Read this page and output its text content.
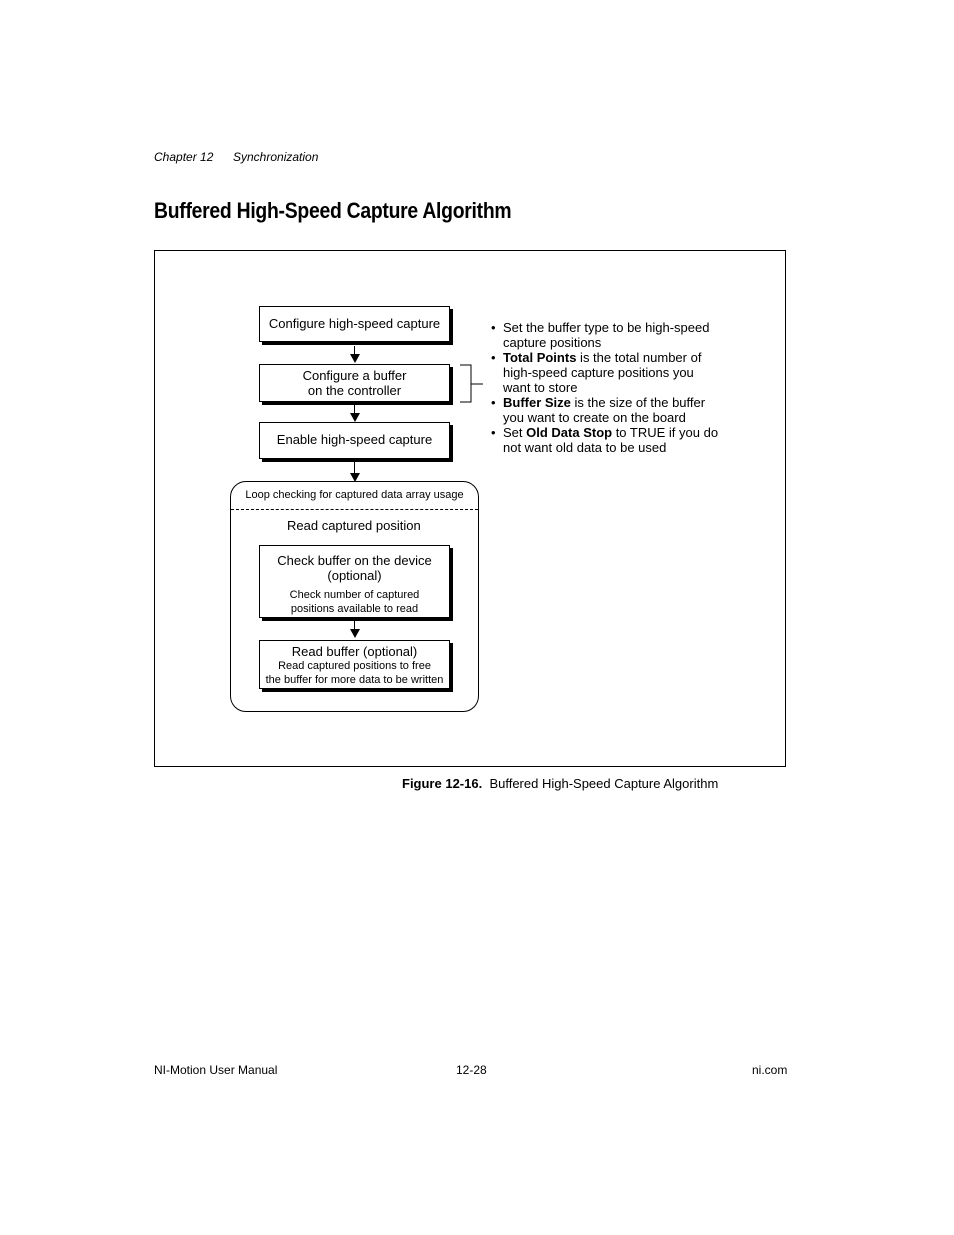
Chapter 12 Synchronization
Buffered High-Speed Capture Algorithm
Configure high-speed capture
Configure a buffer
on the controller
Enable high-speed capture
Loop checking for captured data array usage
Read captured position
Check buffer on the device
(optional)
Check number of captured
positions available to read
Read buffer (optional)
Read captured positions to free
the buffer for more data to be written
• Set the buffer type to be high-speed
capture positions
• Total Points is the total number of
high-speed capture positions you
want to store
• Buffer Size is the size of the buffer
you want to create on the board
• Set Old Data Stop to TRUE if you do
not want old data to be used
Figure 12-16. Buffered High-Speed Capture Algorithm
NI-Motion User Manual	12-28	ni.com
